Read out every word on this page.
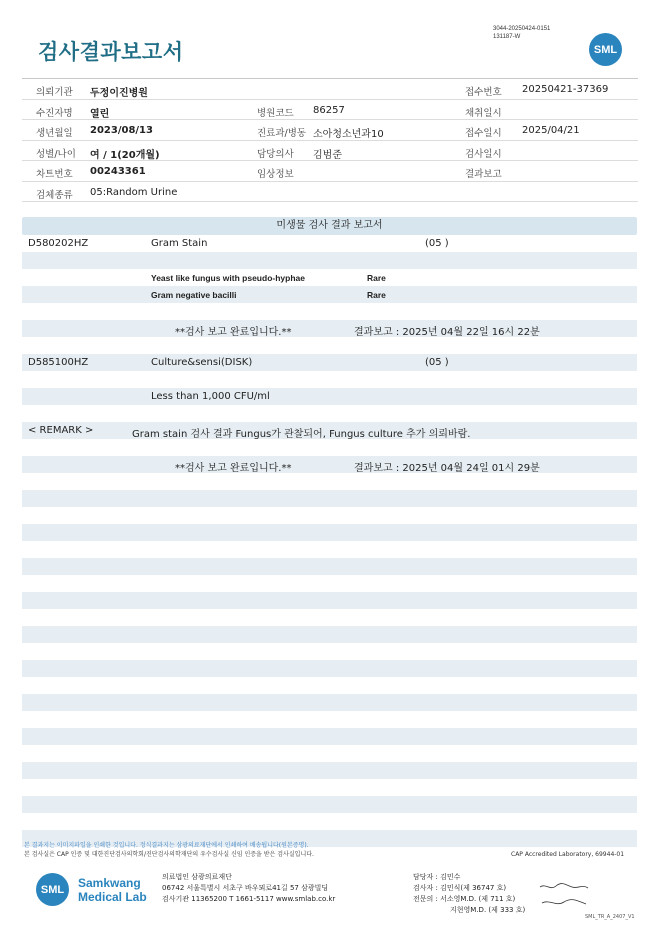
검사결과보고서
3044-20250424-0151
131187-W
SML
의뢰기관 두정이진병원	접수번호 20250421-37369
수진자명 열린	병원코드 86257	채취일시
생년월일 2023/08/13	진료과/병동 소아청소년과10	접수일시 2025/04/21
성별/나이 여 / 1(20개월)	담당의사 김범준	검사일시
차트번호 00243361	임상정보	결과보고
검체종류 05:Random Urine
미생물 검사 결과 보고서
D580202HZ	Gram Stain	(05 )
Yeast like fungus with pseudo-hyphae	Rare
Gram negative bacilli	Rare
**검사 보고 완료입니다.**	결과보고 : 2025년 04월 22일 16시 22분
D585100HZ	Culture&sensi(DISK)	(05 )
Less than 1,000 CFU/ml
< REMARK >	Gram stain 검사 결과 Fungus가 관찰되어, Fungus culture 추가 의뢰바람.
**검사 보고 완료입니다.**	결과보고 : 2025년 04월 24일 01시 29분
본 결과지는 이미지파일을 인쇄한 것입니다. 정식결과지는 삼광의료재단에서 인쇄하여 배송됩니다(원본증명).
본 검사실은 CAP 인증 및 대한진단검사의학회/진단검사의학재단의 우수검사실 신임 인증을 받은 검사실입니다.	CAP Accredited Laboratory, 69944-01
SML	Samkwang
Medical Lab
의료법인 삼광의료재단
06742 서울특별시 서초구 바우뫼로41길 57 삼광빌딩
검사기관 11365200 T 1661-5117 www.smlab.co.kr
담당자 : 김민수
검사자 : 김민식(제 36747 호)
전문의 : 서소영M.D. (제 711 호)
지현영M.D. (제 333 호)
SML_TR_A_2407_V1
